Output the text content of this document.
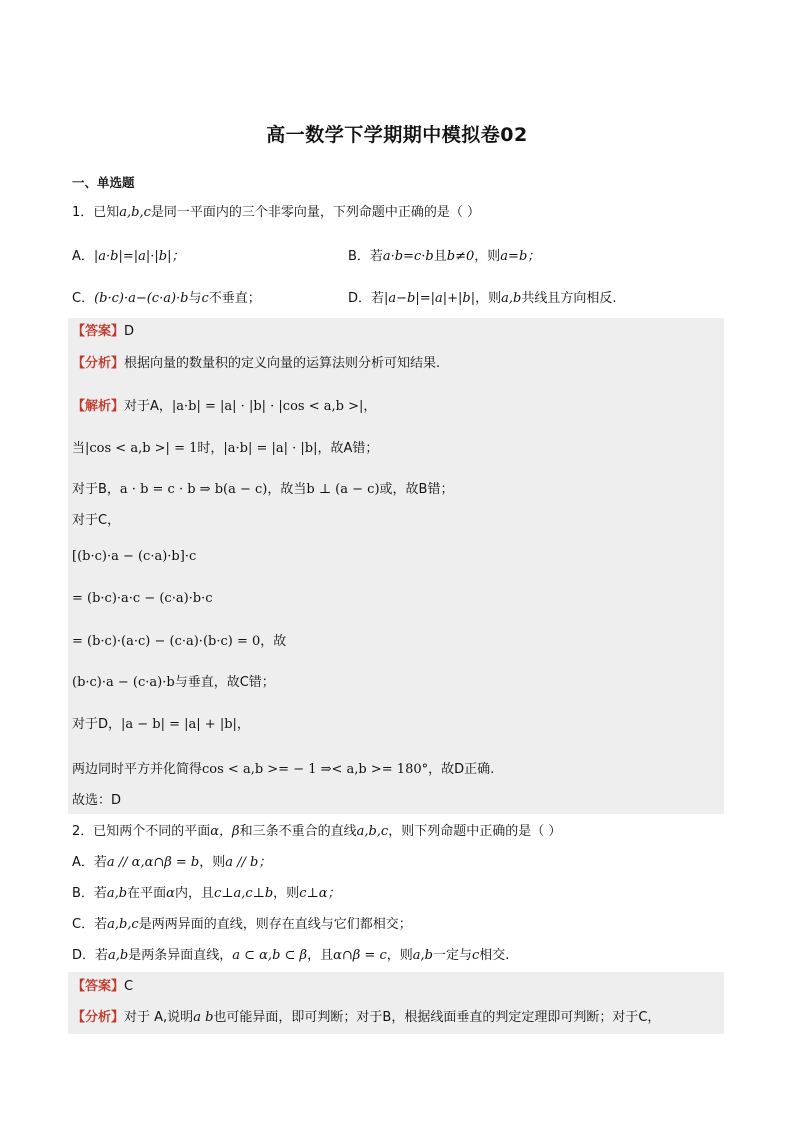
高一数学下学期期中模拟卷02
一、单选题
1．已知a,b,c是同一平面内的三个非零向量，下列命题中正确的是（ ）
A．|a·b|=|a|·|b|；	B．若a·b=c·b且b≠0，则a=b；
C．(b·c)·a−(c·a)·b与c不垂直；	D．若|a−b|=|a|+|b|，则a,b共线且方向相反.
【答案】D
【分析】根据向量的数量积的定义向量的运算法则分析可知结果.
【解析】对于A，|a·b| = |a| · |b| · |cos < a,b >|，
当|cos < a,b >| = 1时，|a·b| = |a| · |b|，故A错；
对于B，a · b = c · b ⇒ b(a − c)，故当b ⊥ (a − c)或，故B错；
对于C，
[(b·c)·a − (c·a)·b]·c
= (b·c)·a·c − (c·a)·b·c
= (b·c)·(a·c) − (c·a)·(b·c) = 0，故
(b·c)·a − (c·a)·b与垂直，故C错；
对于D，|a − b| = |a| + |b|，
两边同时平方并化简得cos < a,b >= − 1 ⇒< a,b >= 180°，故D正确.
故选：D
2．已知两个不同的平面α，β和三条不重合的直线a,b,c，则下列命题中正确的是（ ）
A．若a // α,α∩β = b，则a // b；
B．若a,b在平面α内，且c⊥a,c⊥b，则c⊥α；
C．若a,b,c是两两异面的直线，则存在直线与它们都相交；
D．若a,b是两条异面直线，a ⊂ α,b ⊂ β，且α∩β = c，则a,b一定与c相交.
【答案】C
【分析】对于 A,说明a b也可能异面，即可判断；对于B，根据线面垂直的判定定理即可判断；对于C，
